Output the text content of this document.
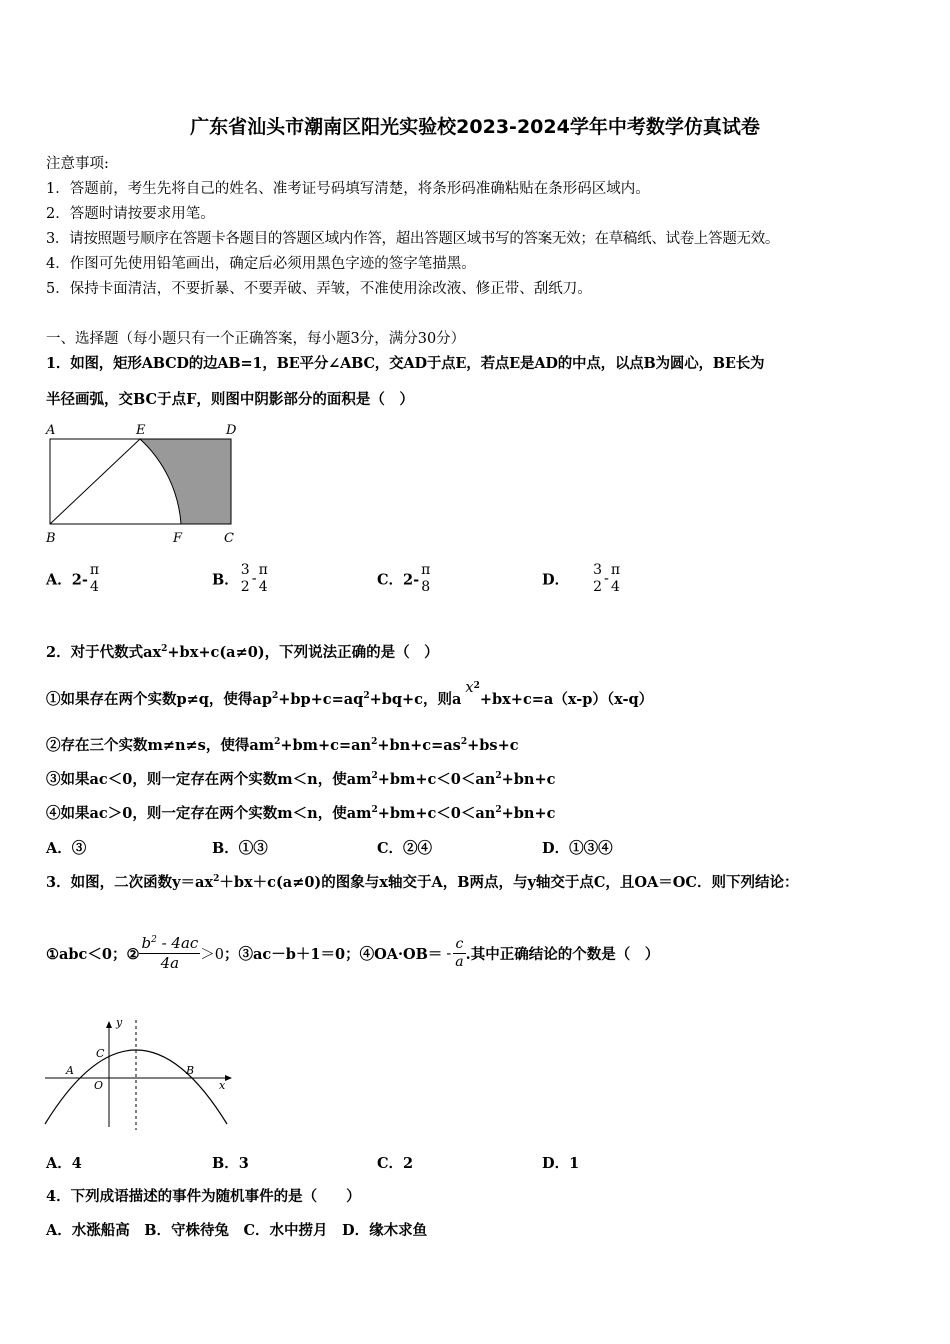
广东省汕头市潮南区阳光实验校2023-2024学年中考数学仿真试卷
注意事项:
1．答题前，考生先将自己的姓名、准考证号码填写清楚，将条形码准确粘贴在条形码区域内。
2．答题时请按要求用笔。
3．请按照题号顺序在答题卡各题目的答题区域内作答，超出答题区域书写的答案无效；在草稿纸、试卷上答题无效。
4．作图可先使用铅笔画出，确定后必须用黑色字迹的签字笔描黑。
5．保持卡面清洁，不要折暴、不要弄破、弄皱，不准使用涂改液、修正带、刮纸刀。
一、选择题（每小题只有一个正确答案，每小题3分，满分30分）
1．如图，矩形ABCD的边AB=1，BE平分∠ABC，交AD于点E，若点E是AD的中点，以点B为圆心，BE长为
半径画弧，交BC于点F，则图中阴影部分的面积是（　）
A	E	D
B	F	C
A．2-
π
4	B．
3
2 -
π
4	C．2-
π
8	D．
3
2 -
π
4
2．对于代数式$ax^2+bx+c(a\ne 0)$，下列说法正确的是（　）
①如果存在两个实数p≠q，使得$ap^2+bp+c=aq^2+bq+c$，则$ax^2+bx+c=a(x-p)(x-q)$
②存在三个实数m≠n≠s，使得$am^2+bm+c=an^2+bn+c=as^2+bs+c$
③如果ac＜0，则一定存在两个实数m＜n，使$am^2+bm+c<0<an^2+bn+c$
④如果ac＞0，则一定存在两个实数m＜n，使$am^2+bm+c<0<an^2+bn+c$
A．③	B．①③	C．②④	D．①③④
3．如图，二次函数$y=ax^2+bx+c(a\ne 0)$的图象与x轴交于A，B两点，与y轴交于点C，且OA＝OC．则下列结论：
①abc＜0；② $\frac{b^2 - 4ac}{4a} >0$；③ac－b＋1＝0；④OA·OB＝ - $\frac{c}{a}$ .其中正确结论的个数是（　）
y
x
C
A
O
B
A．4	B．3	C．2	D．1
4．下列成语描述的事件为随机事件的是（　　）
A．水涨船高　B．守株待兔　C．水中捞月　D．缘木求鱼
